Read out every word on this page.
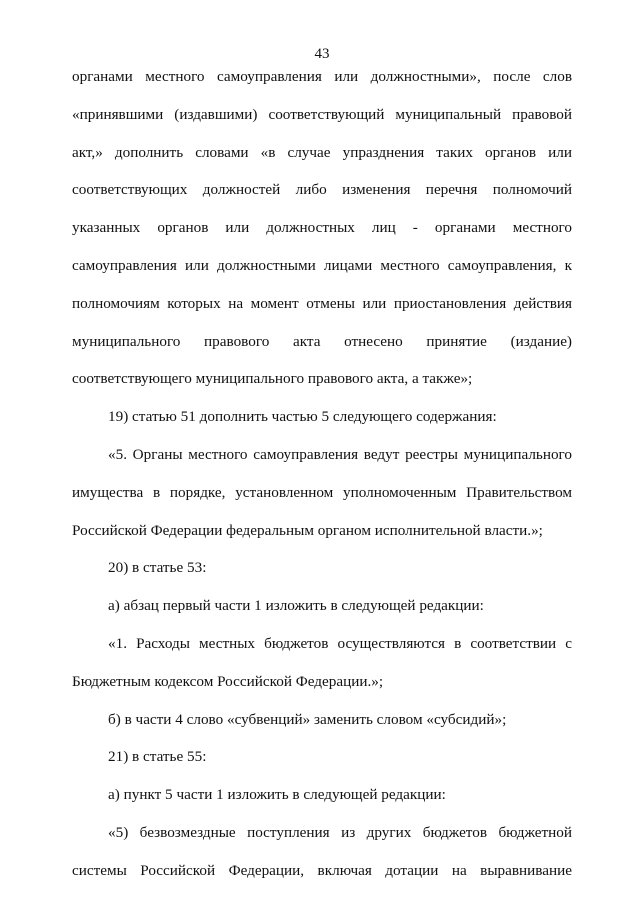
43
органами местного самоуправления или должностными», после слов
«принявшими (издавшими) соответствующий муниципальный правовой
акт,» дополнить словами «в случае упразднения таких органов или
соответствующих должностей либо изменения перечня полномочий
указанных органов или должностных лиц - органами местного
самоуправления или должностными лицами местного самоуправления, к
полномочиям которых на момент отмены или приостановления действия
муниципального правового акта отнесено принятие (издание)
соответствующего муниципального правового акта, а также»;
19) статью 51 дополнить частью 5 следующего содержания:
«5. Органы местного самоуправления ведут реестры муниципального
имущества в порядке, установленном уполномоченным Правительством
Российской Федерации федеральным органом исполнительной власти.»;
20) в статье 53:
а) абзац первый части 1 изложить в следующей редакции:
«1. Расходы местных бюджетов осуществляются в соответствии с
Бюджетным кодексом Российской Федерации.»;
б) в части 4 слово «субвенций» заменить словом «субсидий»;
21) в статье 55:
а) пункт 5 части 1 изложить в следующей редакции:
«5) безвозмездные поступления из других бюджетов бюджетной
системы Российской Федерации, включая дотации на выравнивание
